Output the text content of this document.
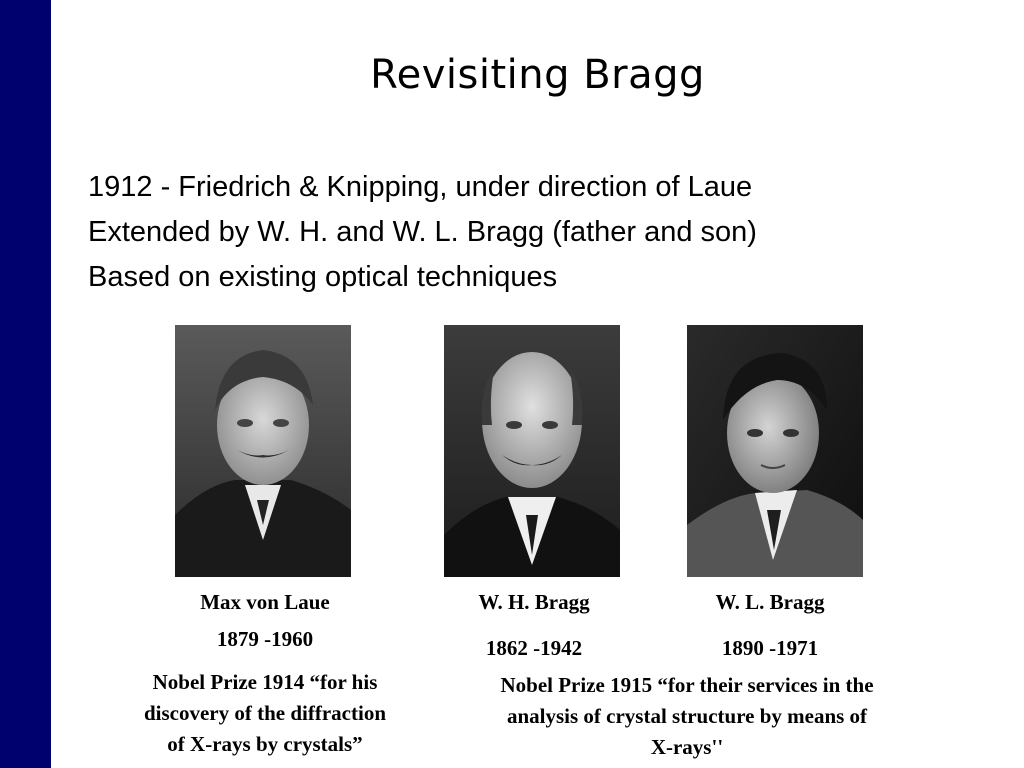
Revisiting Bragg
1912 - Friedrich & Knipping, under direction of Laue
Extended by W. H. and W. L. Bragg (father and son)
Based on existing optical techniques
Max von Laue	W. H. Bragg	W. L. Bragg
1879 -1960	1862 -1942	1890 -1971
Nobel Prize 1914 “for his
discovery of the diffraction
of X-rays by crystals”
Nobel Prize 1915 “for their services in the
analysis of crystal structure by means of
X-rays''
